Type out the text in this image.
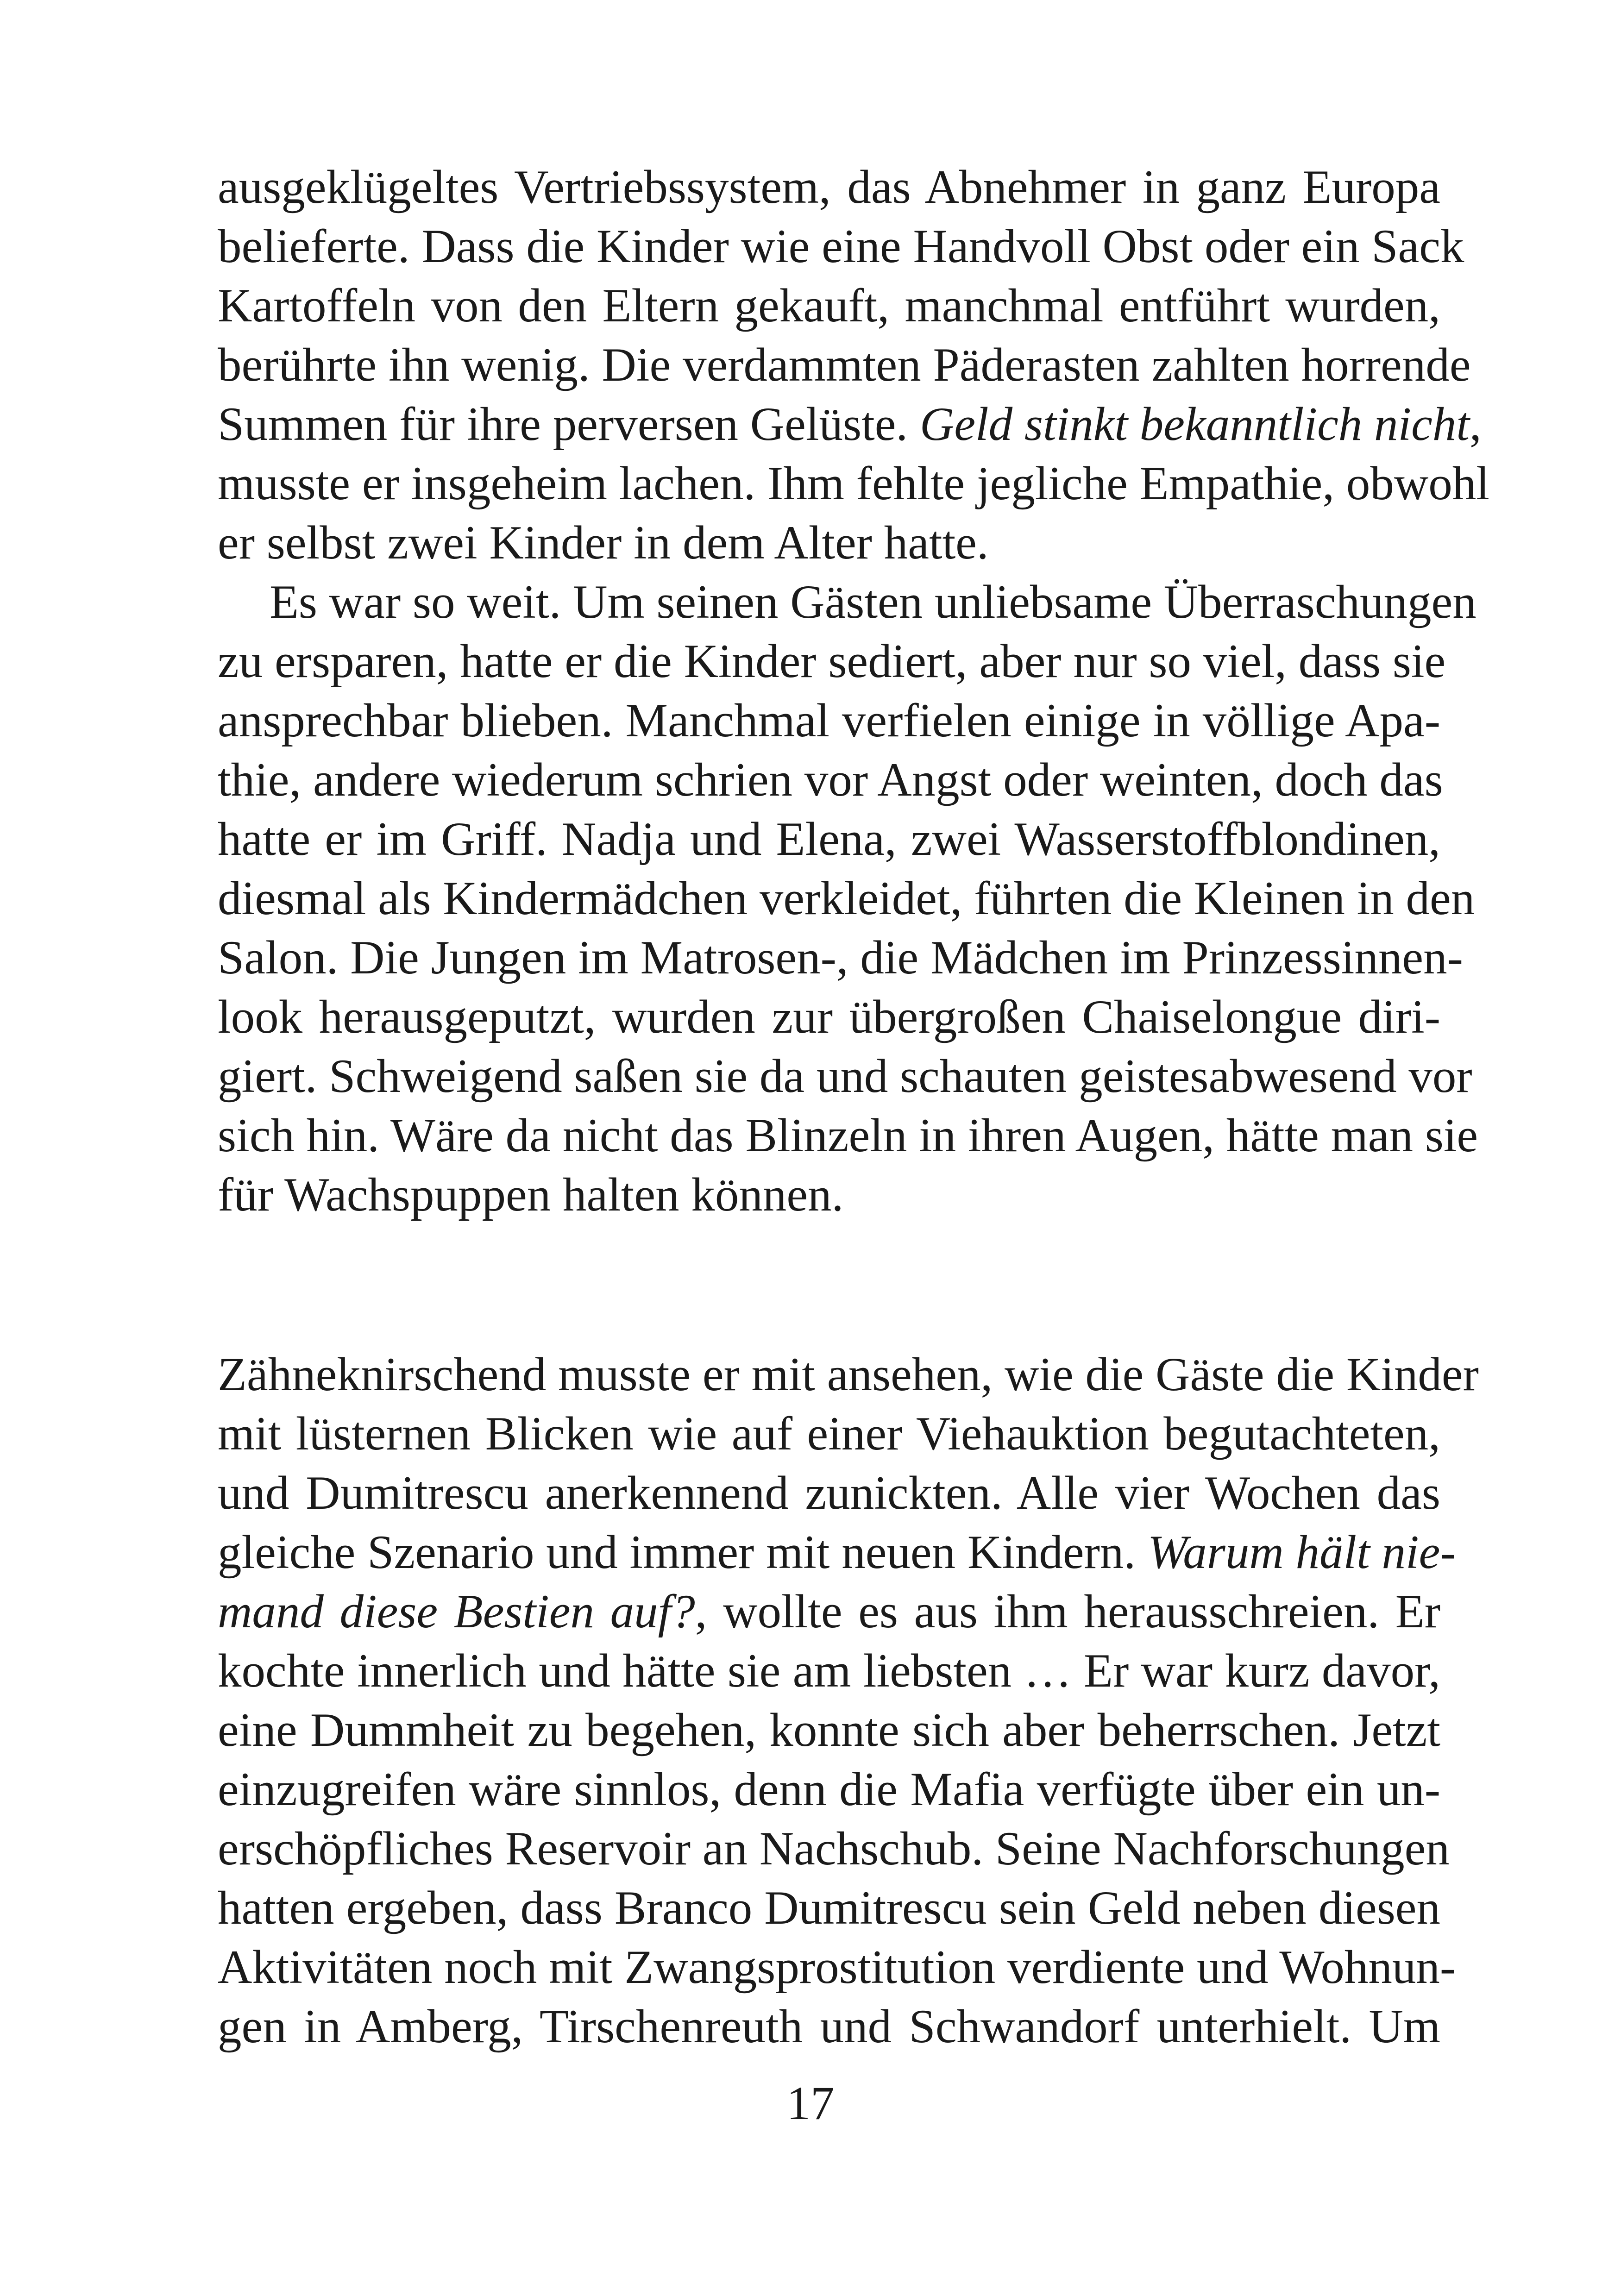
ausgeklügeltes Vertriebssystem, das Abnehmer in ganz Europa
belieferte. Dass die Kinder wie eine Handvoll Obst oder ein Sack
Kartoffeln von den Eltern gekauft, manchmal entführt wurden,
berührte ihn wenig. Die verdammten Päderasten zahlten horrende
Summen für ihre perversen Gelüste. Geld stinkt bekanntlich nicht,
musste er insgeheim lachen. Ihm fehlte jegliche Empathie, obwohl
er selbst zwei Kinder in dem Alter hatte.
Es war so weit. Um seinen Gästen unliebsame Überraschungen
zu ersparen, hatte er die Kinder sediert, aber nur so viel, dass sie
ansprechbar blieben. Manchmal verfielen einige in völlige Apa-
thie, andere wiederum schrien vor Angst oder weinten, doch das
hatte er im Griff. Nadja und Elena, zwei Wasserstoffblondinen,
diesmal als Kindermädchen verkleidet, führten die Kleinen in den
Salon. Die Jungen im Matrosen-, die Mädchen im Prinzessinnen-
look herausgeputzt, wurden zur übergroßen Chaiselongue diri-
giert. Schweigend saßen sie da und schauten geistesabwesend vor
sich hin. Wäre da nicht das Blinzeln in ihren Augen, hätte man sie
für Wachspuppen halten können.
Zähneknirschend musste er mit ansehen, wie die Gäste die Kinder
mit lüsternen Blicken wie auf einer Viehauktion begutachteten,
und Dumitrescu anerkennend zunickten. Alle vier Wochen das
gleiche Szenario und immer mit neuen Kindern. Warum hält nie-
mand diese Bestien auf?, wollte es aus ihm herausschreien. Er
kochte innerlich und hätte sie am liebsten … Er war kurz davor,
eine Dummheit zu begehen, konnte sich aber beherrschen. Jetzt
einzugreifen wäre sinnlos, denn die Mafia verfügte über ein un-
erschöpfliches Reservoir an Nachschub. Seine Nachforschungen
hatten ergeben, dass Branco Dumitrescu sein Geld neben diesen
Aktivitäten noch mit Zwangsprostitution verdiente und Wohnun-
gen in Amberg, Tirschenreuth und Schwandorf unterhielt. Um
17
